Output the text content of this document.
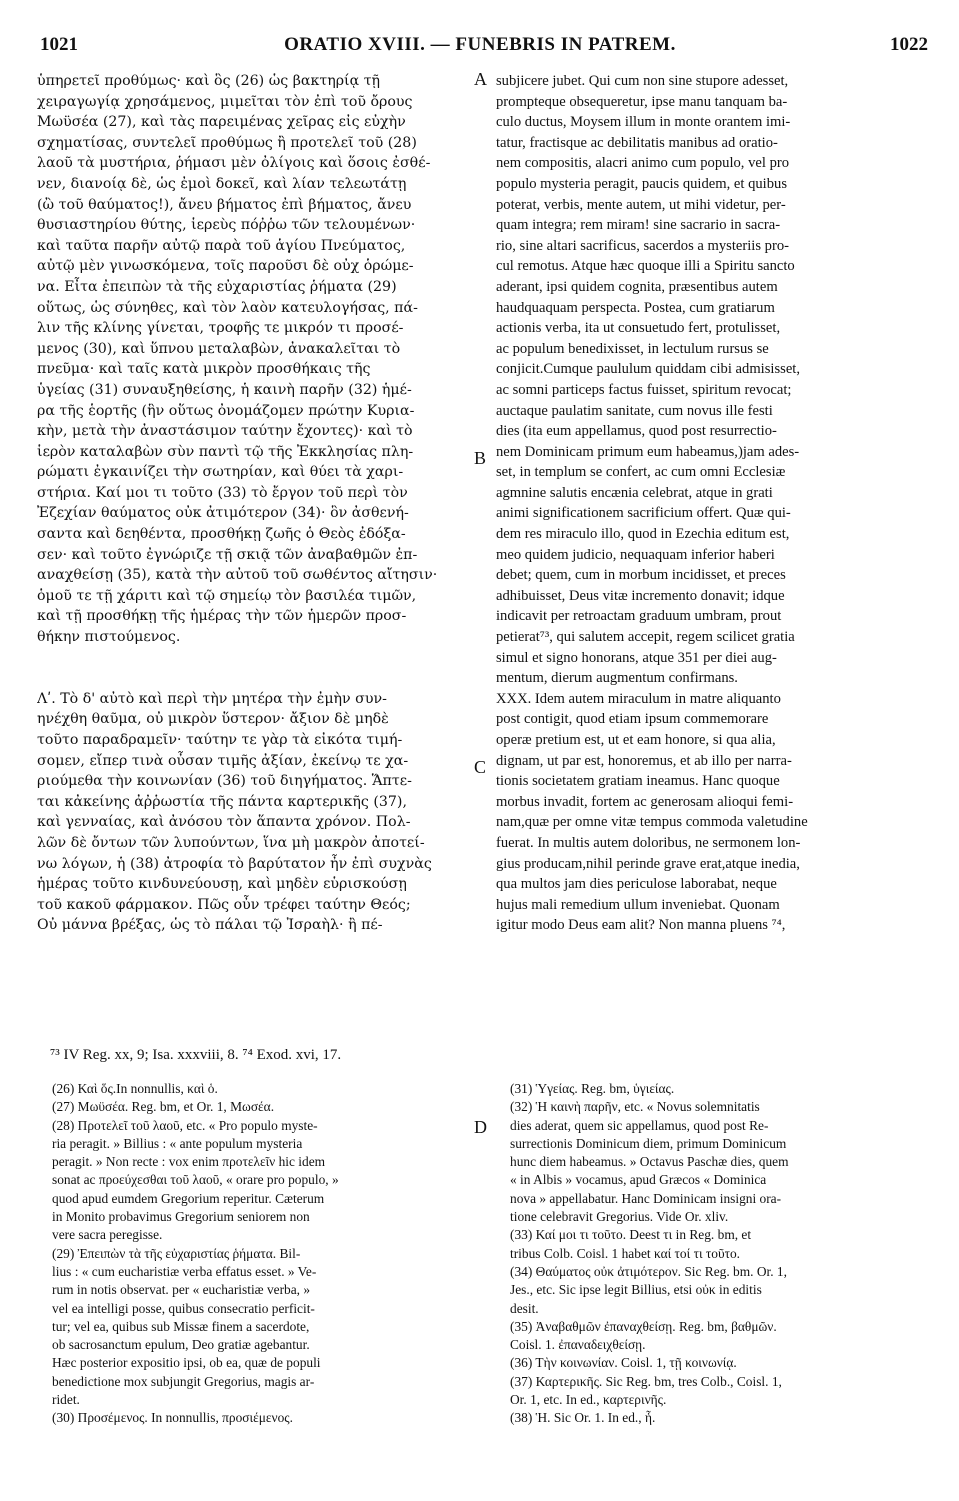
1021	ORATIO XVIII. — FUNEBRIS IN PATREM.	1022
A
B
C
D
ὑπηρετεῖ προθύμως· καὶ ὃς (26) ὡς βακτηρίᾳ τῇ
χειραγωγίᾳ χρησάμενος, μιμεῖται τὸν ἐπὶ τοῦ ὄρους
Μωϋσέα (27), καὶ τὰς παρειμένας χεῖρας εἰς εὐχὴν
σχηματίσας, συντελεῖ προθύμως ἢ προτελεῖ τοῦ (28)
λαοῦ τὰ μυστήρια, ῥήμασι μὲν ὀλίγοις καὶ ὅσοις ἐσθέ-
νεν, διανοίᾳ δὲ, ὡς ἐμοὶ δοκεῖ, καὶ λίαν τελεωτάτῃ
(ὢ τοῦ θαύματος!), ἄνευ βήματος ἐπὶ βήματος, ἄνευ
θυσιαστηρίου θύτης, ἱερεὺς πόῤῥω τῶν τελουμένων·
καὶ ταῦτα παρῆν αὐτῷ παρὰ τοῦ ἁγίου Πνεύματος,
αὐτῷ μὲν γινωσκόμενα, τοῖς παροῦσι δὲ οὐχ ὁρώμε-
να. Εἶτα ἐπειπὼν τὰ τῆς εὐχαριστίας ῥήματα (29)
οὕτως, ὡς σύνηθες, καὶ τὸν λαὸν κατευλογήσας, πά-
λιν τῆς κλίνης γίνεται, τροφῆς τε μικρόν τι προσέ-
μενος (30), καὶ ὕπνου μεταλαβὼν, ἀνακαλεῖται τὸ
πνεῦμα· καὶ ταῖς κατὰ μικρὸν προσθήκαις τῆς
ὑγείας (31) συναυξηθείσης, ἡ καινὴ παρῆν (32) ἡμέ-
ρα τῆς ἑορτῆς (ἣν οὕτως ὀνομάζομεν πρώτην Κυρια-
κὴν, μετὰ τὴν ἀναστάσιμον ταύτην ἔχοντες)· καὶ τὸ
ἱερὸν καταλαβὼν σὺν παντὶ τῷ τῆς Ἐκκλησίας πλη-
ρώματι ἐγκαινίζει τὴν σωτηρίαν, καὶ θύει τὰ χαρι-
στήρια. Καί μοι τι τοῦτο (33) τὸ ἔργον τοῦ περὶ τὸν
Ἐζεχίαν θαύματος οὐκ ἀτιμότερον (34)· ὃν ἀσθενή-
σαντα καὶ δεηθέντα, προσθήκῃ ζωῆς ὁ Θεὸς ἐδόξα-
σεν· καὶ τοῦτο ἐγνώριζε τῇ σκιᾷ τῶν ἀναβαθμῶν ἐπ-
αναχθείσῃ (35), κατὰ τὴν αὐτοῦ τοῦ σωθέντος αἴτησιν·
ὁμοῦ τε τῇ χάριτι καὶ τῷ σημείῳ τὸν βασιλέα τιμῶν,
καὶ τῇ προσθήκῃ τῆς ἡμέρας τὴν τῶν ἡμερῶν προσ-
θήκην πιστούμενος.

Λʹ. Τὸ δ' αὐτὸ καὶ περὶ τὴν μητέρα τὴν ἐμὴν συν-
ηνέχθη θαῦμα, οὐ μικρὸν ὕστερον· ἄξιον δὲ μηδὲ
τοῦτο παραδραμεῖν· ταύτην τε γὰρ τὰ εἰκότα τιμή-
σομεν, εἴπερ τινὰ οὖσαν τιμῆς ἀξίαν, ἐκείνῳ τε χα-
ριούμεθα τὴν κοινωνίαν (36) τοῦ διηγήματος. Ἅπτε-
ται κἀκείνης ἀῤῥωστία τῆς πάντα καρτερικῆς (37),
καὶ γενναίας, καὶ ἀνόσου τὸν ἅπαντα χρόνον. Πολ-
λῶν δὲ ὄντων τῶν λυπούντων, ἵνα μὴ μακρὸν ἀποτεί-
νω λόγων, ἡ (38) ἀτροφία τὸ βαρύτατον ἦν ἐπὶ συχνὰς
ἡμέρας τοῦτο κινδυνεύουσῃ, καὶ μηδὲν εὑρισκούσῃ
τοῦ κακοῦ φάρμακον. Πῶς οὖν τρέφει ταύτην Θεός;
Οὐ μάννα βρέξας, ὡς τὸ πάλαι τῷ Ἰσραὴλ· ἢ πέ-
subjicere jubet. Qui cum non sine stupore adesset,
prompteque obsequeretur, ipse manu tanquam ba-
culo ductus, Moysem illum in monte orantem imi-
tatur, fractisque ac debilitatis manibus ad oratio-
nem compositis, alacri animo cum populo, vel pro
populo mysteria peragit, paucis quidem, et quibus
poterat, verbis, mente autem, ut mihi videtur, per-
quam integra; rem miram! sine sacrario in sacra-
rio, sine altari sacrificus, sacerdos a mysteriis pro-
cul remotus. Atque hæc quoque illi a Spiritu sancto
aderant, ipsi quidem cognita, præsentibus autem
haudquaquam perspecta. Postea, cum gratiarum
actionis verba, ita ut consuetudo fert, protulisset,
ac populum benedixisset, in lectulum rursus se
conjicit.Cumque paululum quiddam cibi admisisset,
ac somni particeps factus fuisset, spiritum revocat;
auctaque paulatim sanitate, cum novus ille festi
dies (ita eum appellamus, quod post resurrectio-
nem Dominicam primum eum habeamus,)jam ades-
set, in templum se confert, ac cum omni Ecclesiæ
agmnine salutis encænia celebrat, atque in grati
animi significationem sacrificium offert. Quæ qui-
dem res miraculo illo, quod in Ezechia editum est,
meo quidem judicio, nequaquam inferior haberi
debet; quem, cum in morbum incidisset, et preces
adhibuisset, Deus vitæ incremento donavit; idque
indicavit per retroactam graduum umbram, prout
petierat⁷³, qui salutem accepit, regem scilicet gratia
simul et signo honorans, atque 351 per diei aug-
mentum, dierum augmentum confirmans.
XXX. Idem autem miraculum in matre aliquanto
post contigit, quod etiam ipsum commemorare
operæ pretium est, ut et eam honore, si qua alia,
dignam, ut par est, honoremus, et ab illo per narra-
tionis societatem gratiam ineamus. Hanc quoque
morbus invadit, fortem ac generosam alioqui femi-
nam,quæ per omne vitæ tempus commoda valetudine
fuerat. In multis autem doloribus, ne sermonem lon-
gius producam,nihil perinde grave erat,atque inedia,
qua multos jam dies periculose laborabat, neque
hujus mali remedium ullum inveniebat. Quonam
igitur modo Deus eam alit? Non manna pluens ⁷⁴,
⁷³ IV Reg. xx, 9; Isa. xxxviii, 8. ⁷⁴ Exod. xvi, 17.
(26) Καὶ ὅς.In nonnullis, καὶ ὁ.
(27) Μωϋσέα. Reg. bm, et Or. 1, Μωσέα.
(28) Προτελεῖ τοῦ λαοῦ, etc. « Pro populo myste-
ria peragit. » Billius : « ante populum mysteria
peragit. » Non recte : vox enim προτελεῖν hic idem
sonat ac προεύχεσθαι τοῦ λαοῦ, « orare pro populo, »
quod apud eumdem Gregorium reperitur. Cæterum
in Monito probavimus Gregorium seniorem non
vere sacra peregisse.
(29) Ἐπειπὼν τὰ τῆς εὐχαριστίας ῥήματα. Bil-
lius : « cum eucharistiæ verba effatus esset. » Ve-
rum in notis observat. per « eucharistiæ verba, »
vel ea intelligi posse, quibus consecratio perficit-
tur; vel ea, quibus sub Missæ finem a sacerdote,
ob sacrosanctum epulum, Deo gratiæ agebantur.
Hæc posterior expositio ipsi, ob ea, quæ de populi
benedictione mox subjungit Gregorius, magis ar-
ridet.
(30) Προσέμενος. In nonnullis, προσιέμενος.
(31) Ὑγείας. Reg. bm, ὑγιείας.
(32) Ἡ καινὴ παρῆν, etc. « Novus solemnitatis
dies aderat, quem sic appellamus, quod post Re-
surrectionis Dominicum diem, primum Dominicum
hunc diem habeamus. » Octavus Paschæ dies, quem
« in Albis » vocamus, apud Græcos « Dominica
nova » appellabatur. Hanc Dominicam insigni ora-
tione celebravit Gregorius. Vide Or. xliv.
(33) Καί μοι τι τοῦτο. Deest τι in Reg. bm, et
tribus Colb. Coisl. 1 habet καί τοί τι τοῦτο.
(34) Θαύματος οὐκ ἀτιμότερον. Sic Reg. bm. Or. 1,
Jes., etc. Sic ipse legit Billius, etsi οὐκ in editis
desit.
(35) Ἀναβαθμῶν ἐπαναχθείσῃ. Reg. bm, βαθμῶν.
Coisl. 1. ἐπαναδειχθείσῃ.
(36) Τὴν κοινωνίαν. Coisl. 1, τῇ κοινωνίᾳ.
(37) Καρτερικῆς. Sic Reg. bm, tres Colb., Coisl. 1,
Or. 1, etc. In ed., καρτερινῆς.
(38) Ἡ. Sic Or. 1. In ed., ἦ.
